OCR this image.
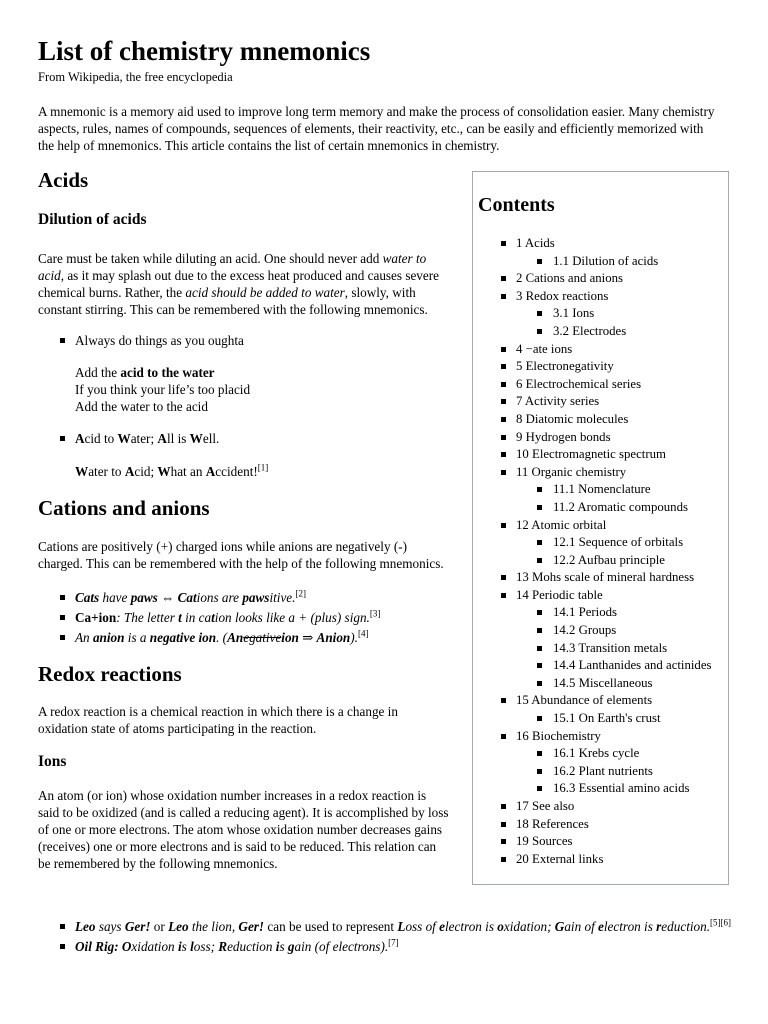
List of chemistry mnemonics
From Wikipedia, the free encyclopedia

A mnemonic is a memory aid used to improve long term memory and make the process of consolidation easier. Many chemistry aspects, rules, names of compounds, sequences of elements, their reactivity, etc., can be easily and efficiently memorized with the help of mnemonics. This article contains the list of certain mnemonics in chemistry.

Acids
Dilution of acids

Care must be taken while diluting an acid. One should never add water to acid, as it may splash out due to the excess heat produced and causes severe chemical burns. Rather, the acid should be added to water, slowly, with constant stirring. This can be remembered with the following mnemonics.

Always do things as you oughta
Add the acid to the water
If you think your life’s too placid
Add the water to the acid
Acid to Water; All is Well.
Water to Acid; What an Accident![1]
Cations and anions

Cations are positively (+) charged ions while anions are negatively (-) charged. This can be remembered with the help of the following mnemonics.

Cats have paws ⇔ Cations are pawsitive.[2]
Ca+ion: The letter t in cation looks like a + (plus) sign.[3]
An anion is a negative ion. (Anegativeion ⇒ Anion).[4]
Redox reactions

A redox reaction is a chemical reaction in which there is a change in oxidation state of atoms participating in the reaction.

Ions

An atom (or ion) whose oxidation number increases in a redox reaction is said to be oxidized (and is called a reducing agent). It is accomplished by loss of one or more electrons. The atom whose oxidation number decreases gains (receives) one or more electrons and is said to be reduced. This relation can be remembered by the following mnemonics.

Contents
1 Acids
1.1 Dilution of acids
2 Cations and anions
3 Redox reactions
3.1 Ions
3.2 Electrodes
4 −ate ions
5 Electronegativity
6 Electrochemical series
7 Activity series
8 Diatomic molecules
9 Hydrogen bonds
10 Electromagnetic spectrum
11 Organic chemistry
11.1 Nomenclature
11.2 Aromatic compounds
12 Atomic orbital
12.1 Sequence of orbitals
12.2 Aufbau principle
13 Mohs scale of mineral hardness
14 Periodic table
14.1 Periods
14.2 Groups
14.3 Transition metals
14.4 Lanthanides and actinides
14.5 Miscellaneous
15 Abundance of elements
15.1 On Earth's crust
16 Biochemistry
16.1 Krebs cycle
16.2 Plant nutrients
16.3 Essential amino acids
17 See also
18 References
19 Sources
20 External links
Leo says Ger! or Leo the lion, Ger! can be used to represent Loss of electron is oxidation; Gain of electron is reduction.[5][6]
Oil Rig: Oxidation is loss; Reduction is gain (of electrons).[7]
